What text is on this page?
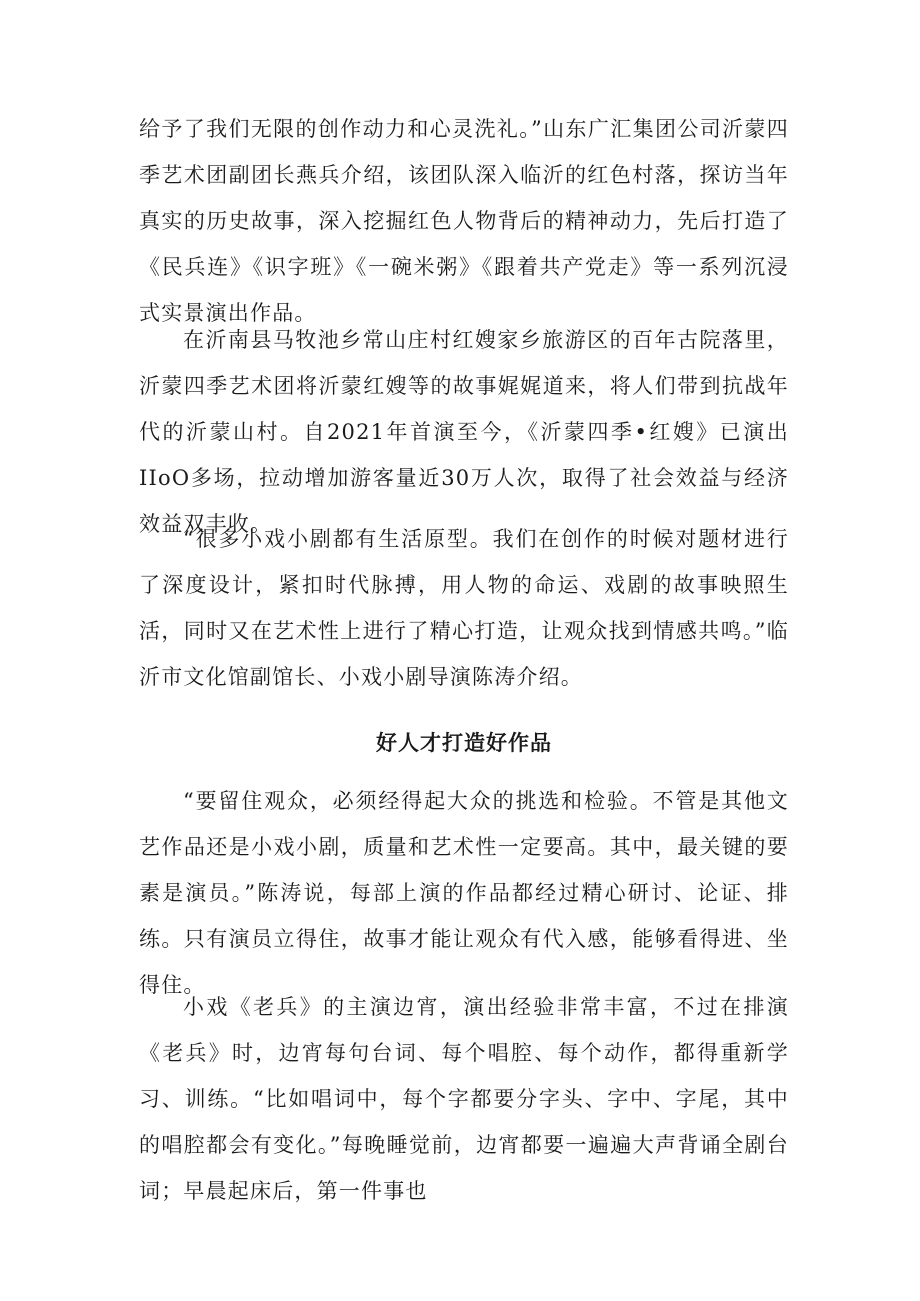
给予了我们无限的创作动力和心灵洗礼。”山东广汇集团公司沂蒙四季艺术团副团长燕兵介绍，该团队深入临沂的红色村落，探访当年真实的历史故事，深入挖掘红色人物背后的精神动力，先后打造了《民兵连》《识字班》《一碗米粥》《跟着共产党走》等一系列沉浸式实景演出作品。

在沂南县马牧池乡常山庄村红嫂家乡旅游区的百年古院落里，沂蒙四季艺术团将沂蒙红嫂等的故事娓娓道来，将人们带到抗战年代的沂蒙山村。自2021年首演至今，《沂蒙四季•红嫂》已演出IIoO多场，拉动增加游客量近30万人次，取得了社会效益与经济效益双丰收。

“很多小戏小剧都有生活原型。我们在创作的时候对题材进行了深度设计，紧扣时代脉搏，用人物的命运、戏剧的故事映照生活，同时又在艺术性上进行了精心打造，让观众找到情感共鸣。”临沂市文化馆副馆长、小戏小剧导演陈涛介绍。

好人才打造好作品

“要留住观众，必须经得起大众的挑选和检验。不管是其他文艺作品还是小戏小剧，质量和艺术性一定要高。其中，最关键的要素是演员。”陈涛说，每部上演的作品都经过精心研讨、论证、排练。只有演员立得住，故事才能让观众有代入感，能够看得进、坐得住。

小戏《老兵》的主演边宵，演出经验非常丰富，不过在排演《老兵》时，边宵每句台词、每个唱腔、每个动作，都得重新学习、训练。“比如唱词中，每个字都要分字头、字中、字尾，其中的唱腔都会有变化。”每晚睡觉前，边宵都要一遍遍大声背诵全剧台词；早晨起床后，第一件事也
